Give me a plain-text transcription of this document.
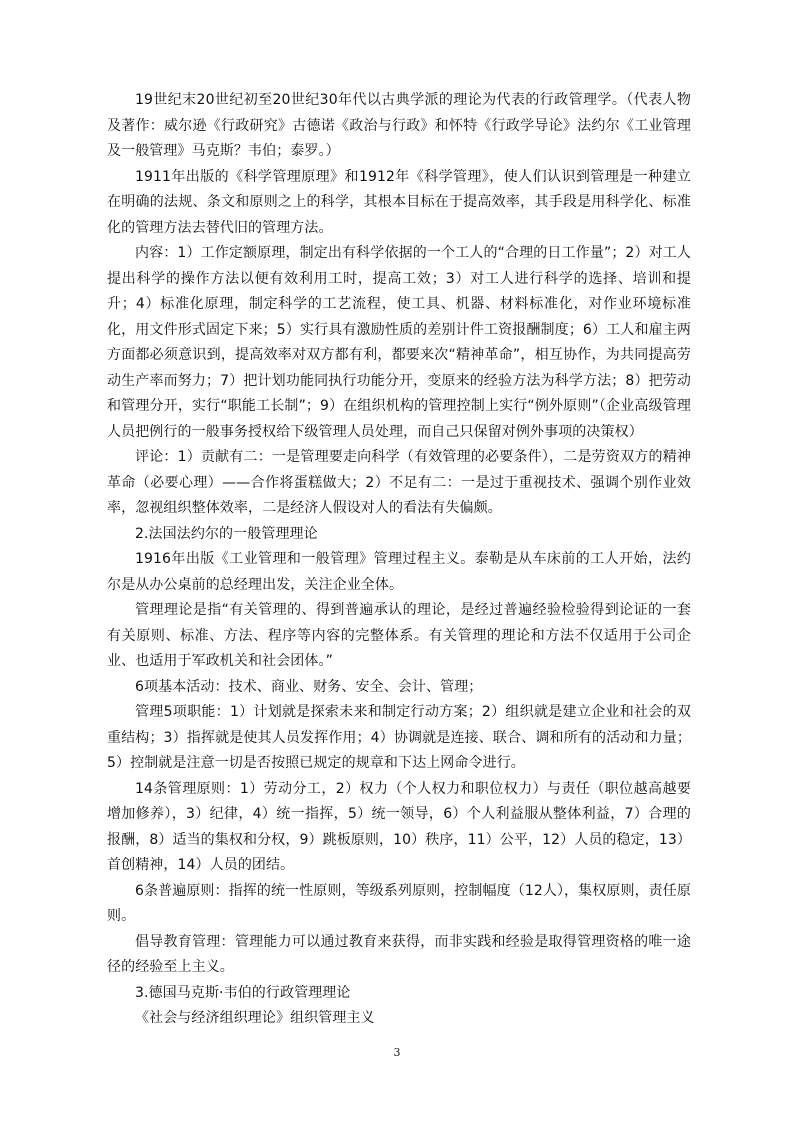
19世纪末20世纪初至20世纪30年代以古典学派的理论为代表的行政管理学。（代表人物及著作：威尔逊《行政研究》古德诺《政治与行政》和怀特《行政学导论》法约尔《工业管理及一般管理》马克斯？韦伯；泰罗。）

1911年出版的《科学管理原理》和1912年《科学管理》，使人们认识到管理是一种建立在明确的法规、条文和原则之上的科学，其根本目标在于提高效率，其手段是用科学化、标准化的管理方法去替代旧的管理方法。

内容：1）工作定额原理，制定出有科学依据的一个工人的“合理的日工作量”；2）对工人提出科学的操作方法以便有效利用工时，提高工效；3）对工人进行科学的选择、培训和提升；4）标准化原理，制定科学的工艺流程，使工具、机器、材料标准化，对作业环境标准化，用文件形式固定下来；5）实行具有激励性质的差别计件工资报酬制度；6）工人和雇主两方面都必须意识到，提高效率对双方都有利，都要来次“精神革命”，相互协作，为共同提高劳动生产率而努力；7）把计划功能同执行功能分开，变原来的经验方法为科学方法；8）把劳动和管理分开，实行“职能工长制”；9）在组织机构的管理控制上实行“例外原则”（企业高级管理人员把例行的一般事务授权给下级管理人员处理，而自己只保留对例外事项的决策权）

评论：1）贡献有二：一是管理要走向科学（有效管理的必要条件），二是劳资双方的精神革命（必要心理）——合作将蛋糕做大；2）不足有二：一是过于重视技术、强调个别作业效率，忽视组织整体效率，二是经济人假设对人的看法有失偏颇。

2.法国法约尔的一般管理理论

1916年出版《工业管理和一般管理》管理过程主义。泰勒是从车床前的工人开始，法约尔是从办公桌前的总经理出发，关注企业全体。

管理理论是指“有关管理的、得到普遍承认的理论，是经过普遍经验检验得到论证的一套有关原则、标准、方法、程序等内容的完整体系。有关管理的理论和方法不仅适用于公司企业、也适用于军政机关和社会团体。”

6项基本活动：技术、商业、财务、安全、会计、管理；

管理5项职能：1）计划就是探索未来和制定行动方案；2）组织就是建立企业和社会的双重结构；3）指挥就是使其人员发挥作用；4）协调就是连接、联合、调和所有的活动和力量；5）控制就是注意一切是否按照已规定的规章和下达上网命令进行。

14条管理原则：1）劳动分工，2）权力（个人权力和职位权力）与责任（职位越高越要增加修养），3）纪律，4）统一指挥，5）统一领导，6）个人利益服从整体利益，7）合理的报酬，8）适当的集权和分权，9）跳板原则，10）秩序，11）公平，12）人员的稳定，13）首创精神，14）人员的团结。

6条普遍原则：指挥的统一性原则，等级系列原则，控制幅度（12人），集权原则，责任原则。

倡导教育管理：管理能力可以通过教育来获得，而非实践和经验是取得管理资格的唯一途径的经验至上主义。

3.德国马克斯·韦伯的行政管理理论

《社会与经济组织理论》组织管理主义

3
